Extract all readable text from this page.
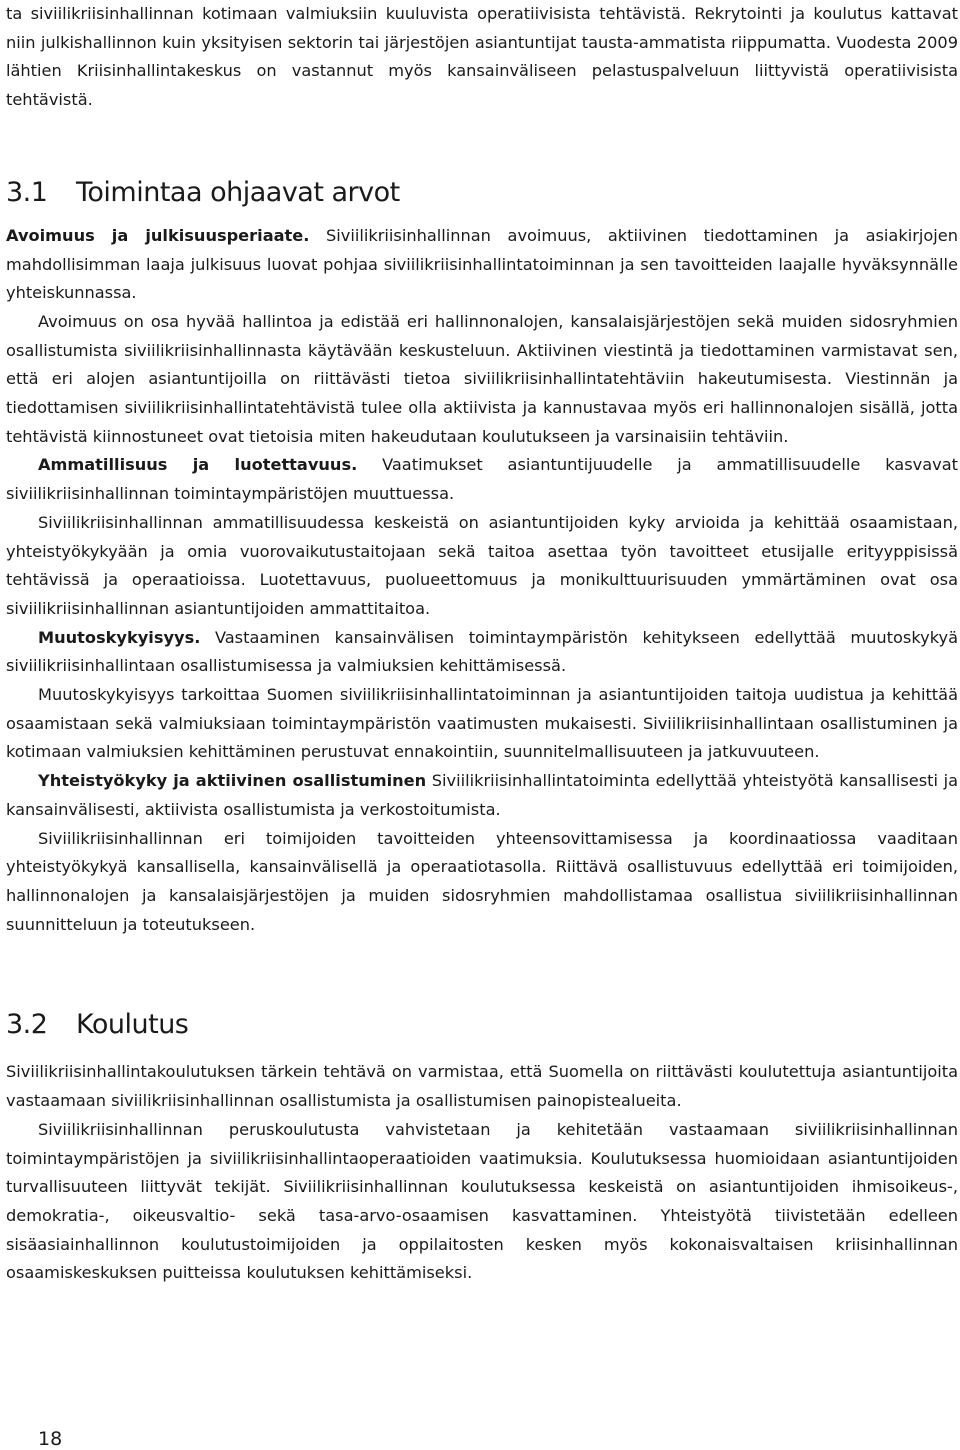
ta siviilikriisinhallinnan kotimaan valmiuksiin kuuluvista operatiivisista tehtävistä. Rekrytointi ja koulutus kattavat niin julkishallinnon kuin yksityisen sektorin tai järjestöjen asiantuntijat tausta-ammatista riippumatta. Vuodesta 2009 lähtien Kriisinhallintakeskus on vastannut myös kansainväliseen pelastuspalveluun liittyvistä operatiivisista tehtävistä.

3.1 Toimintaa ohjaavat arvot

Avoimuus ja julkisuusperiaate. Siviilikriisinhallinnan avoimuus, aktiivinen tiedottaminen ja asiakirjojen mahdollisimman laaja julkisuus luovat pohjaa siviilikriisinhallintatoiminnan ja sen tavoitteiden laajalle hyväksynnälle yhteiskunnassa.

Avoimuus on osa hyvää hallintoa ja edistää eri hallinnonalojen, kansalaisjärjestöjen sekä muiden sidosryhmien osallistumista siviilikriisinhallinnasta käytävään keskusteluun. Aktiivinen viestintä ja tiedottaminen varmistavat sen, että eri alojen asiantuntijoilla on riittävästi tietoa siviilikriisinhallintatehtäviin hakeutumisesta. Viestinnän ja tiedottamisen siviilikriisinhallintatehtävistä tulee olla aktiivista ja kannustavaa myös eri hallinnonalojen sisällä, jotta tehtävistä kiinnostuneet ovat tietoisia miten hakeudutaan koulutukseen ja varsinaisiin tehtäviin.

Ammatillisuus ja luotettavuus. Vaatimukset asiantuntijuudelle ja ammatillisuudelle kasvavat siviilikriisinhallinnan toimintaympäristöjen muuttuessa.

Siviilikriisinhallinnan ammatillisuudessa keskeistä on asiantuntijoiden kyky arvioida ja kehittää osaamistaan, yhteistyökykyään ja omia vuorovaikutustaitojaan sekä taitoa asettaa työn tavoitteet etusijalle erityyppisissä tehtävissä ja operaatioissa. Luotettavuus, puolueettomuus ja monikulttuurisuuden ymmärtäminen ovat osa siviilikriisinhallinnan asiantuntijoiden ammattitaitoa.

Muutoskykyisyys. Vastaaminen kansainvälisen toimintaympäristön kehitykseen edellyttää muutoskykyä siviilikriisinhallintaan osallistumisessa ja valmiuksien kehittämisessä.

Muutoskykyisyys tarkoittaa Suomen siviilikriisinhallintatoiminnan ja asiantuntijoiden taitoja uudistua ja kehittää osaamistaan sekä valmiuksiaan toimintaympäristön vaatimusten mukaisesti. Siviilikriisinhallintaan osallistuminen ja kotimaan valmiuksien kehittäminen perustuvat ennakointiin, suunnitelmallisuuteen ja jatkuvuuteen.

Yhteistyökyky ja aktiivinen osallistuminen Siviilikriisinhallintatoiminta edellyttää yhteistyötä kansallisesti ja kansainvälisesti, aktiivista osallistumista ja verkostoitumista.

Siviilikriisinhallinnan eri toimijoiden tavoitteiden yhteensovittamisessa ja koordinaatiossa vaaditaan yhteistyökykyä kansallisella, kansainvälisellä ja operaatiotasolla. Riittävä osallistuvuus edellyttää eri toimijoiden, hallinnonalojen ja kansalaisjärjestöjen ja muiden sidosryhmien mahdollistamaa osallistua siviilikriisinhallinnan suunnitteluun ja toteutukseen.

3.2 Koulutus

Siviilikriisinhallintakoulutuksen tärkein tehtävä on varmistaa, että Suomella on riittävästi koulutettuja asiantuntijoita vastaamaan siviilikriisinhallinnan osallistumista ja osallistumisen painopistealueita.

Siviilikriisinhallinnan peruskoulutusta vahvistetaan ja kehitetään vastaamaan siviilikriisinhallinnan toimintaympäristöjen ja siviilikriisinhallintaoperaatioiden vaatimuksia. Koulutuksessa huomioidaan asiantuntijoiden turvallisuuteen liittyvät tekijät. Siviilikriisinhallinnan koulutuksessa keskeistä on asiantuntijoiden ihmisoikeus-, demokratia-, oikeusvaltio- sekä tasa-arvo-osaamisen kasvattaminen. Yhteistyötä tiivistetään edelleen sisäasiainhallinnon koulutustoimijoiden ja oppilaitosten kesken myös kokonaisvaltaisen kriisinhallinnan osaamiskeskuksen puitteissa koulutuksen kehittämiseksi.

18
